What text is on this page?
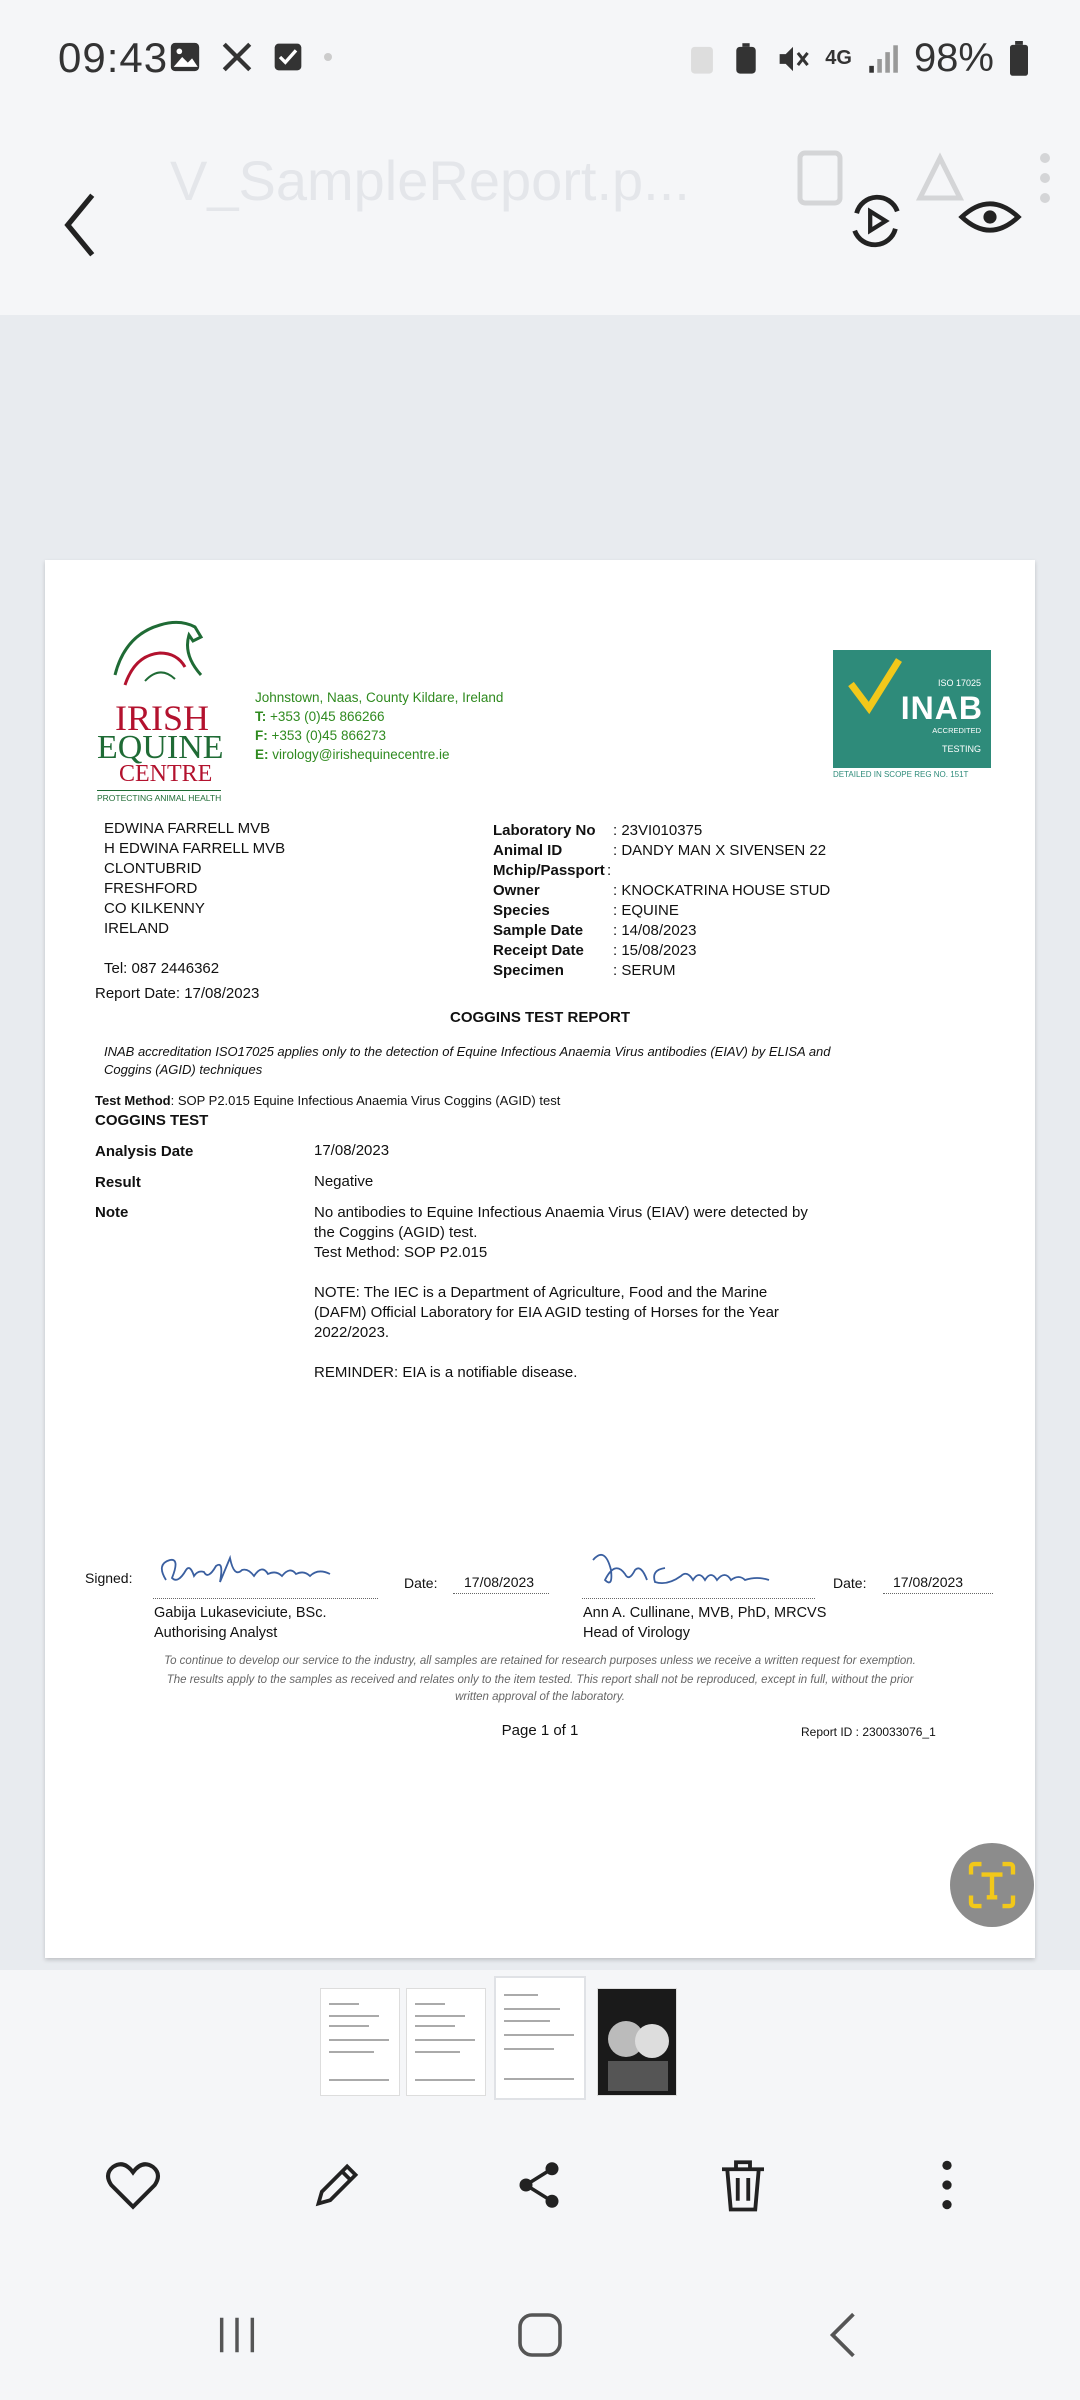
09:43	4G 98%
V_SampleReport.p...
IRISH
EQUINE
CENTRE
PROTECTING ANIMAL HEALTH
Johnstown, Naas, County Kildare, Ireland
T: +353 (0)45 866266
F: +353 (0)45 866273
E: virology@irishequinecentre.ie
ISO 17025
INAB
ACCREDITED
TESTING
DETAILED IN SCOPE REG NO. 151T
EDWINA FARRELL MVB
H EDWINA FARRELL MVB
CLONTUBRID
FRESHFORD
CO KILKENNY
IRELAND
Tel: 087 2446362
Laboratory No : 23VI010375
Animal ID	: DANDY MAN X SIVENSEN 22
Mchip/Passport :
Owner	: KNOCKATRINA HOUSE STUD
Species	: EQUINE
Sample Date : 14/08/2023
Receipt Date : 15/08/2023
Specimen	: SERUM
Report Date: 17/08/2023
COGGINS TEST REPORT
INAB accreditation ISO17025 applies only to the detection of Equine Infectious Anaemia Virus antibodies (EIAV) by ELISA and
Coggins (AGID) techniques
Test Method: SOP P2.015 Equine Infectious Anaemia Virus Coggins (AGID) test
COGGINS TEST
Analysis Date	17/08/2023
Result	Negative
Note	No antibodies to Equine Infectious Anaemia Virus (EIAV) were detected by
the Coggins (AGID) test.
Test Method: SOP P2.015
NOTE: The IEC is a Department of Agriculture, Food and the Marine
(DAFM) Official Laboratory for EIA AGID testing of Horses for the Year
2022/2023.
REMINDER: EIA is a notifiable disease.
Signed:	Date: 17/08/2023
Gabija Lukaseviciute, BSc.
Authorising Analyst
Date: 17/08/2023
Ann A. Cullinane, MVB, PhD, MRCVS
Head of Virology
To continue to develop our service to the industry, all samples are retained for research purposes unless we receive a written request for exemption.
The results apply to the samples as received and relates only to the item tested. This report shall not be reproduced, except in full, without the prior
written approval of the laboratory.
Page 1 of 1	Report ID : 230033076_1
